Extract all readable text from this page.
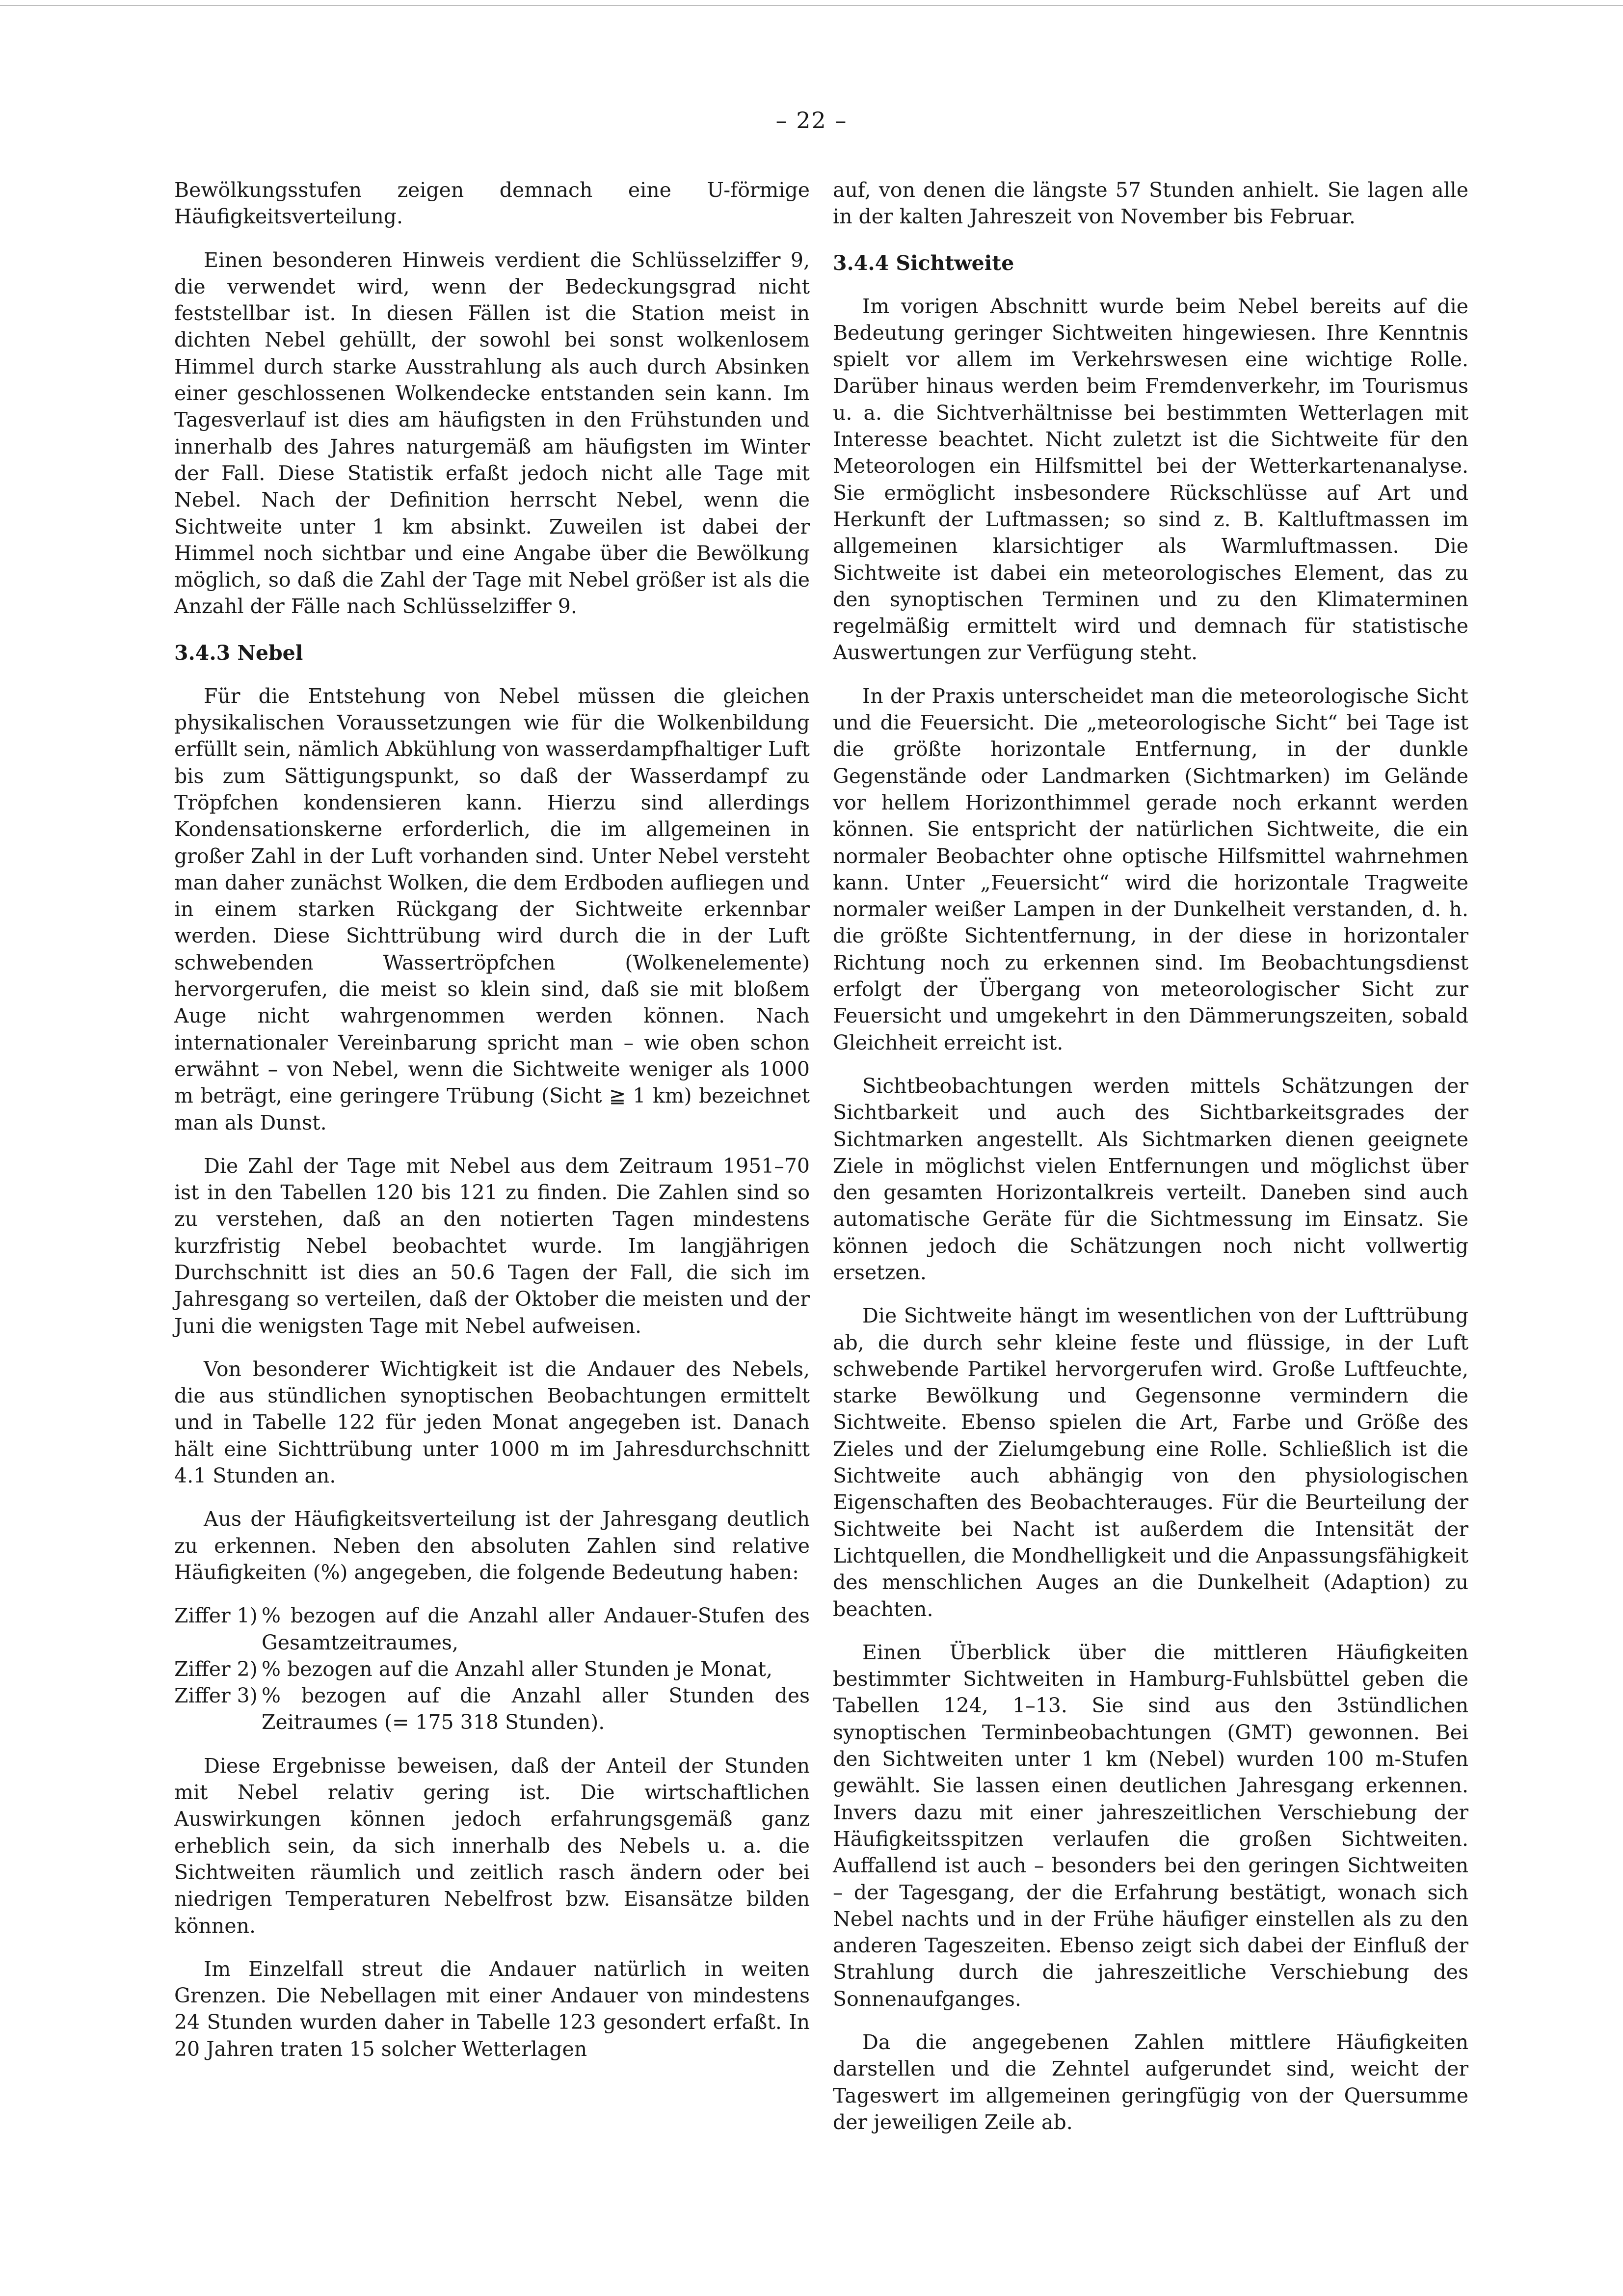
– 22 –

Bewölkungsstufen zeigen demnach eine U-förmige Häufigkeitsverteilung.

Einen besonderen Hinweis verdient die Schlüsselziffer 9, die verwendet wird, wenn der Bedeckungsgrad nicht feststellbar ist. In diesen Fällen ist die Station meist in dichten Nebel gehüllt, der sowohl bei sonst wolkenlosem Himmel durch starke Ausstrahlung als auch durch Absinken einer geschlossenen Wolkendecke entstanden sein kann. Im Tagesverlauf ist dies am häufigsten in den Frühstunden und innerhalb des Jahres naturgemäß am häufigsten im Winter der Fall. Diese Statistik erfaßt jedoch nicht alle Tage mit Nebel. Nach der Definition herrscht Nebel, wenn die Sichtweite unter 1 km absinkt. Zuweilen ist dabei der Himmel noch sichtbar und eine Angabe über die Bewölkung möglich, so daß die Zahl der Tage mit Nebel größer ist als die Anzahl der Fälle nach Schlüsselziffer 9.

3.4.3 Nebel

Für die Entstehung von Nebel müssen die gleichen physikalischen Voraussetzungen wie für die Wolkenbildung erfüllt sein, nämlich Abkühlung von wasserdampfhaltiger Luft bis zum Sättigungspunkt, so daß der Wasserdampf zu Tröpfchen kondensieren kann. Hierzu sind allerdings Kondensationskerne erforderlich, die im allgemeinen in großer Zahl in der Luft vorhanden sind. Unter Nebel versteht man daher zunächst Wolken, die dem Erdboden aufliegen und in einem starken Rückgang der Sichtweite erkennbar werden. Diese Sichttrübung wird durch die in der Luft schwebenden Wassertröpfchen (Wolkenelemente) hervorgerufen, die meist so klein sind, daß sie mit bloßem Auge nicht wahrgenommen werden können. Nach internationaler Vereinbarung spricht man – wie oben schon erwähnt – von Nebel, wenn die Sichtweite weniger als 1000 m beträgt, eine geringere Trübung (Sicht ≧ 1 km) bezeichnet man als Dunst.

Die Zahl der Tage mit Nebel aus dem Zeitraum 1951–70 ist in den Tabellen 120 bis 121 zu finden. Die Zahlen sind so zu verstehen, daß an den notierten Tagen mindestens kurzfristig Nebel beobachtet wurde. Im langjährigen Durchschnitt ist dies an 50.6 Tagen der Fall, die sich im Jahresgang so verteilen, daß der Oktober die meisten und der Juni die wenigsten Tage mit Nebel aufweisen.

Von besonderer Wichtigkeit ist die Andauer des Nebels, die aus stündlichen synoptischen Beobachtungen ermittelt und in Tabelle 122 für jeden Monat angegeben ist. Danach hält eine Sichttrübung unter 1000 m im Jahresdurchschnitt 4.1 Stunden an.

Aus der Häufigkeitsverteilung ist der Jahresgang deutlich zu erkennen. Neben den absoluten Zahlen sind relative Häufigkeiten (%) angegeben, die folgende Bedeutung haben:

Ziffer 1) % bezogen auf die Anzahl aller Andauer-Stufen des Gesamtzeitraumes,
Ziffer 2) % bezogen auf die Anzahl aller Stunden je Monat,
Ziffer 3) % bezogen auf die Anzahl aller Stunden des Zeitraumes (= 175 318 Stunden).

Diese Ergebnisse beweisen, daß der Anteil der Stunden mit Nebel relativ gering ist. Die wirtschaftlichen Auswirkungen können jedoch erfahrungsgemäß ganz erheblich sein, da sich innerhalb des Nebels u. a. die Sichtweiten räumlich und zeitlich rasch ändern oder bei niedrigen Temperaturen Nebelfrost bzw. Eisansätze bilden können.

Im Einzelfall streut die Andauer natürlich in weiten Grenzen. Die Nebellagen mit einer Andauer von mindestens 24 Stunden wurden daher in Tabelle 123 gesondert erfaßt. In 20 Jahren traten 15 solcher Wetterlagen

auf, von denen die längste 57 Stunden anhielt. Sie lagen alle in der kalten Jahreszeit von November bis Februar.

3.4.4 Sichtweite

Im vorigen Abschnitt wurde beim Nebel bereits auf die Bedeutung geringer Sichtweiten hingewiesen. Ihre Kenntnis spielt vor allem im Verkehrswesen eine wichtige Rolle. Darüber hinaus werden beim Fremdenverkehr, im Tourismus u. a. die Sichtverhältnisse bei bestimmten Wetterlagen mit Interesse beachtet. Nicht zuletzt ist die Sichtweite für den Meteorologen ein Hilfsmittel bei der Wetterkartenanalyse. Sie ermöglicht insbesondere Rückschlüsse auf Art und Herkunft der Luftmassen; so sind z. B. Kaltluftmassen im allgemeinen klarsichtiger als Warmluftmassen. Die Sichtweite ist dabei ein meteorologisches Element, das zu den synoptischen Terminen und zu den Klimaterminen regelmäßig ermittelt wird und demnach für statistische Auswertungen zur Verfügung steht.

In der Praxis unterscheidet man die meteorologische Sicht und die Feuersicht. Die „meteorologische Sicht“ bei Tage ist die größte horizontale Entfernung, in der dunkle Gegenstände oder Landmarken (Sichtmarken) im Gelände vor hellem Horizonthimmel gerade noch erkannt werden können. Sie entspricht der natürlichen Sichtweite, die ein normaler Beobachter ohne optische Hilfsmittel wahrnehmen kann. Unter „Feuersicht“ wird die horizontale Tragweite normaler weißer Lampen in der Dunkelheit verstanden, d. h. die größte Sichtentfernung, in der diese in horizontaler Richtung noch zu erkennen sind. Im Beobachtungsdienst erfolgt der Übergang von meteorologischer Sicht zur Feuersicht und umgekehrt in den Dämmerungszeiten, sobald Gleichheit erreicht ist.

Sichtbeobachtungen werden mittels Schätzungen der Sichtbarkeit und auch des Sichtbarkeitsgrades der Sichtmarken angestellt. Als Sichtmarken dienen geeignete Ziele in möglichst vielen Entfernungen und möglichst über den gesamten Horizontalkreis verteilt. Daneben sind auch automatische Geräte für die Sichtmessung im Einsatz. Sie können jedoch die Schätzungen noch nicht vollwertig ersetzen.

Die Sichtweite hängt im wesentlichen von der Lufttrübung ab, die durch sehr kleine feste und flüssige, in der Luft schwebende Partikel hervorgerufen wird. Große Luftfeuchte, starke Bewölkung und Gegensonne vermindern die Sichtweite. Ebenso spielen die Art, Farbe und Größe des Zieles und der Zielumgebung eine Rolle. Schließlich ist die Sichtweite auch abhängig von den physiologischen Eigenschaften des Beobachterauges. Für die Beurteilung der Sichtweite bei Nacht ist außerdem die Intensität der Lichtquellen, die Mondhelligkeit und die Anpassungsfähigkeit des menschlichen Auges an die Dunkelheit (Adaption) zu beachten.

Einen Überblick über die mittleren Häufigkeiten bestimmter Sichtweiten in Hamburg-Fuhlsbüttel geben die Tabellen 124, 1–13. Sie sind aus den 3stündlichen synoptischen Terminbeobachtungen (GMT) gewonnen. Bei den Sichtweiten unter 1 km (Nebel) wurden 100 m-Stufen gewählt. Sie lassen einen deutlichen Jahresgang erkennen. Invers dazu mit einer jahreszeitlichen Verschiebung der Häufigkeitsspitzen verlaufen die großen Sichtweiten. Auffallend ist auch – besonders bei den geringen Sichtweiten – der Tagesgang, der die Erfahrung bestätigt, wonach sich Nebel nachts und in der Frühe häufiger einstellen als zu den anderen Tageszeiten. Ebenso zeigt sich dabei der Einfluß der Strahlung durch die jahreszeitliche Verschiebung des Sonnenaufganges.

Da die angegebenen Zahlen mittlere Häufigkeiten darstellen und die Zehntel aufgerundet sind, weicht der Tageswert im allgemeinen geringfügig von der Quersumme der jeweiligen Zeile ab.
